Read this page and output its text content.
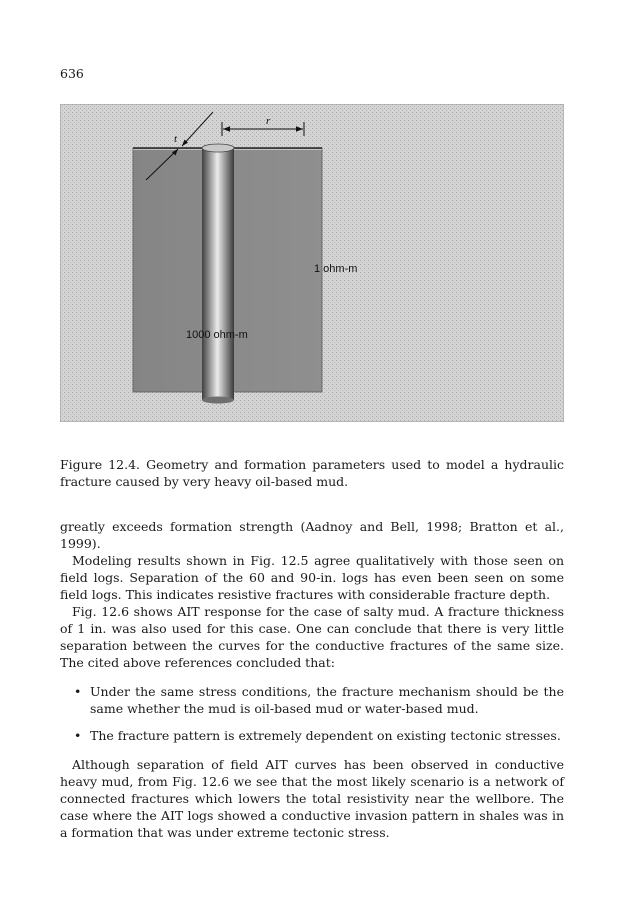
636
t
r
1 ohm-m
1000 ohm-m
Figure 12.4. Geometry and formation parameters used to model a hydraulic fracture caused by very heavy oil-based mud.

greatly exceeds formation strength (Aadnoy and Bell, 1998; Bratton et al., 1999).

Modeling results shown in Fig. 12.5 agree qualitatively with those seen on field logs. Separation of the 60 and 90-in. logs has even been seen on some field logs. This indicates resistive fractures with considerable fracture depth.

Fig. 12.6 shows AIT response for the case of salty mud. A fracture thickness of 1 in. was also used for this case. One can conclude that there is very little separation between the curves for the conductive fractures of the same size. The cited above references concluded that:

• Under the same stress conditions, the fracture mechanism should be the same whether the mud is oil-based mud or water-based mud.
• The fracture pattern is extremely dependent on existing tectonic stresses.

Although separation of field AIT curves has been observed in conductive heavy mud, from Fig. 12.6 we see that the most likely scenario is a network of connected fractures which lowers the total resistivity near the wellbore. The case where the AIT logs showed a conductive invasion pattern in shales was in a formation that was under extreme tectonic stress.
